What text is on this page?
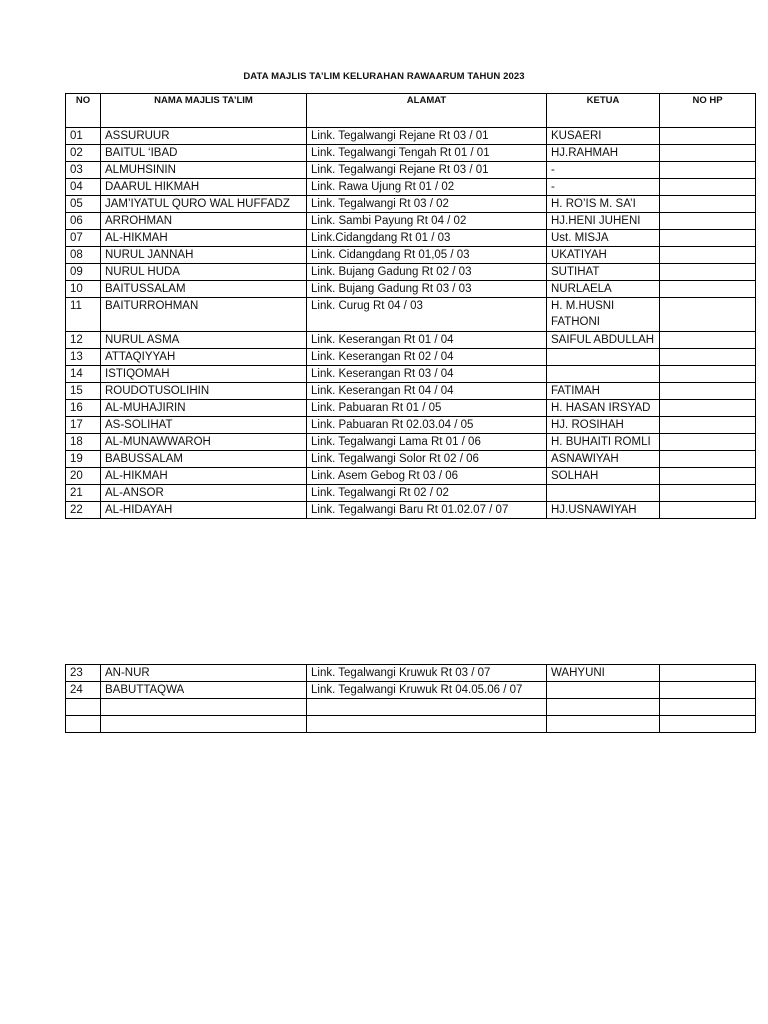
DATA MAJLIS TA’LIM KELURAHAN RAWAARUM TAHUN 2023
NO	NAMA MAJLIS TA’LIM	ALAMAT	KETUA	NO HP
01	ASSURUUR	Link. Tegalwangi Rejane Rt 03 / 01	KUSAERI	
02	BAITUL ‘IBAD	Link. Tegalwangi Tengah Rt 01 / 01	HJ.RAHMAH	
03	ALMUHSININ	Link. Tegalwangi Rejane Rt 03 / 01	-	
04	DAARUL HIKMAH	Link. Rawa Ujung Rt 01 / 02	-	
05	JAM’IYATUL QURO WAL HUFFADZ	Link. Tegalwangi Rt 03 / 02	H. RO’IS M. SA’I	
06	ARROHMAN	Link. Sambi Payung Rt 04 / 02	HJ.HENI JUHENI	
07	AL-HIKMAH	Link.Cidangdang Rt 01 / 03	Ust. MISJA	
08	NURUL JANNAH	Link. Cidangdang Rt 01,05 / 03	UKATIYAH	
09	NURUL HUDA	Link. Bujang Gadung Rt 02 / 03	SUTIHAT	
10	BAITUSSALAM	Link. Bujang Gadung Rt 03 / 03	NURLAELA	
11	BAITURROHMAN	Link. Curug Rt 04 / 03	H. M.HUSNI FATHONI	
12	NURUL ASMA	Link. Keserangan Rt 01 / 04	SAIFUL ABDULLAH	
13	ATTAQIYYAH	Link. Keserangan Rt 02 / 04		
14	ISTIQOMAH	Link. Keserangan Rt 03 / 04		
15	ROUDOTUSOLIHIN	Link. Keserangan Rt 04 / 04	FATIMAH	
16	AL-MUHAJIRIN	Link. Pabuaran Rt 01 / 05	H. HASAN IRSYAD	
17	AS-SOLIHAT	Link. Pabuaran Rt 02.03.04 / 05	HJ. ROSIHAH	
18	AL-MUNAWWAROH	Link. Tegalwangi Lama Rt 01 / 06	H. BUHAITI ROMLI	
19	BABUSSALAM	Link. Tegalwangi Solor Rt 02 / 06	ASNAWIYAH	
20	AL-HIKMAH	Link. Asem Gebog Rt 03 / 06	SOLHAH	
21	AL-ANSOR	Link. Tegalwangi Rt 02 / 02		
22	AL-HIDAYAH	Link. Tegalwangi Baru Rt 01.02.07 / 07	HJ.USNAWIYAH	
23	AN-NUR	Link. Tegalwangi Kruwuk Rt 03 / 07	WAHYUNI	
24	BABUTTAQWA	Link. Tegalwangi Kruwuk Rt 04.05.06 / 07		
